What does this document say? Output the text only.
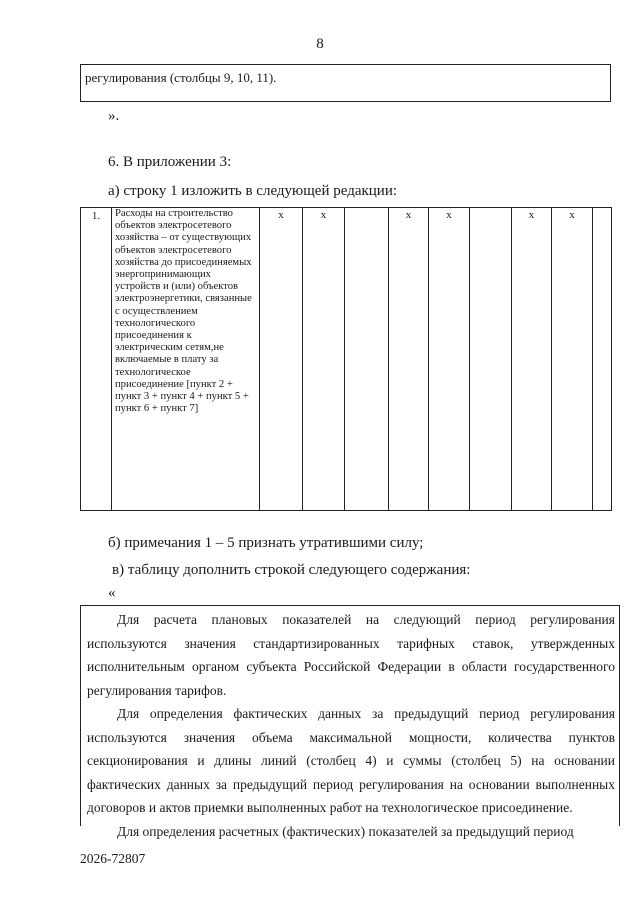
8
регулирования (столбцы 9, 10, 11).
».
6. В приложении 3:
а) строку 1 изложить в следующей редакции:
1.	Расходы на строительство объектов электросетевого хозяйства – от существующих объектов электросетевого хозяйства до присоединяемых энергопринимающих устройств и (или) объектов электроэнергетики, связанные с осуществлением технологического присоединения к электрическим сетям,не включаемые в плату за технологическое присоединение [пункт 2 + пункт 3 + пункт 4 + пункт 5 + пункт 6 + пункт 7]	x	x		x	x		x	x	
б) примечания 1 – 5 признать утратившими силу;
в) таблицу дополнить строкой следующего содержания:
«

Для расчета плановых показателей на следующий период регулирования используются значения стандартизированных тарифных ставок, утвержденных исполнительным органом субъекта Российской Федерации в области государственного регулирования тарифов.

Для определения фактических данных за предыдущий период регулирования используются значения объема максимальной мощности, количества пунктов секционирования и длины линий (столбец 4) и суммы (столбец 5) на основании фактических данных за предыдущий период регулирования на основании выполненных договоров и актов приемки выполненных работ на технологическое присоединение.

Для определения расчетных (фактических) показателей за предыдущий период

2026-72807
